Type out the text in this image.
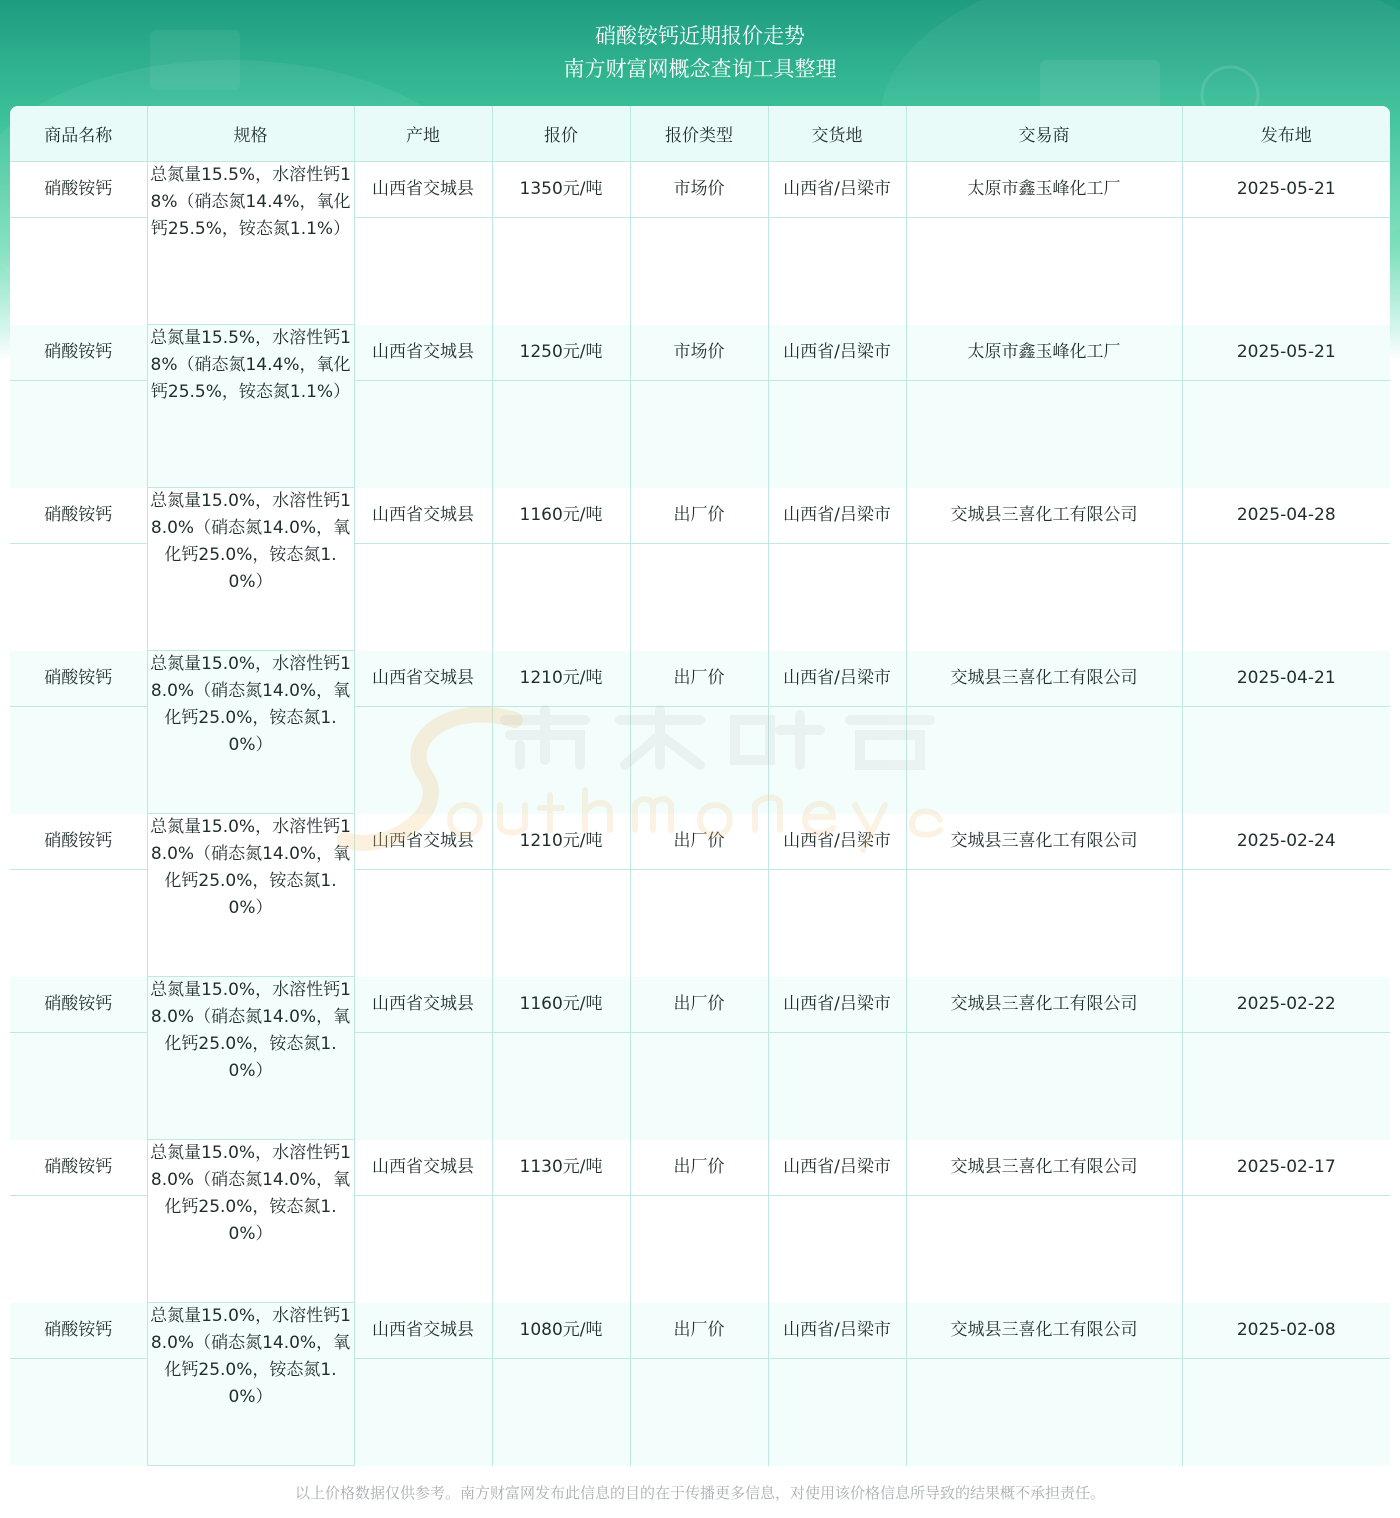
硝酸铵钙近期报价走势
南方财富网概念查询工具整理
商品名称	规格	产地	报价	报价类型	交货地	交易商	发布地

硝酸铵钙	总氮量15.5%，水溶性钙18%（硝态氮14.4%，氧化钙25.5%，铵态氮1.1%）	山西省交城县	1350元/吨	市场价	山西省/吕梁市	太原市鑫玉峰化工厂	2025-05-21

硝酸铵钙	总氮量15.5%，水溶性钙18%（硝态氮14.4%，氧化钙25.5%，铵态氮1.1%）	山西省交城县	1250元/吨	市场价	山西省/吕梁市	太原市鑫玉峰化工厂	2025-05-21

硝酸铵钙	总氮量15.0%，水溶性钙18.0%（硝态氮14.0%，氧化钙25.0%，铵态氮1.0%）	山西省交城县	1160元/吨	出厂价	山西省/吕梁市	交城县三喜化工有限公司	2025-04-28

硝酸铵钙	总氮量15.0%，水溶性钙18.0%（硝态氮14.0%，氧化钙25.0%，铵态氮1.0%）	山西省交城县	1210元/吨	出厂价	山西省/吕梁市	交城县三喜化工有限公司	2025-04-21

硝酸铵钙	总氮量15.0%，水溶性钙18.0%（硝态氮14.0%，氧化钙25.0%，铵态氮1.0%）	山西省交城县	1210元/吨	出厂价	山西省/吕梁市	交城县三喜化工有限公司	2025-02-24

硝酸铵钙	总氮量15.0%，水溶性钙18.0%（硝态氮14.0%，氧化钙25.0%，铵态氮1.0%）	山西省交城县	1160元/吨	出厂价	山西省/吕梁市	交城县三喜化工有限公司	2025-02-22

硝酸铵钙	总氮量15.0%，水溶性钙18.0%（硝态氮14.0%，氧化钙25.0%，铵态氮1.0%）	山西省交城县	1130元/吨	出厂价	山西省/吕梁市	交城县三喜化工有限公司	2025-02-17

硝酸铵钙	总氮量15.0%，水溶性钙18.0%（硝态氮14.0%，氧化钙25.0%，铵态氮1.0%）	山西省交城县	1080元/吨	出厂价	山西省/吕梁市	交城县三喜化工有限公司	2025-02-08
以上价格数据仅供参考。南方财富网发布此信息的目的在于传播更多信息，对使用该价格信息所导致的结果概不承担责任。
